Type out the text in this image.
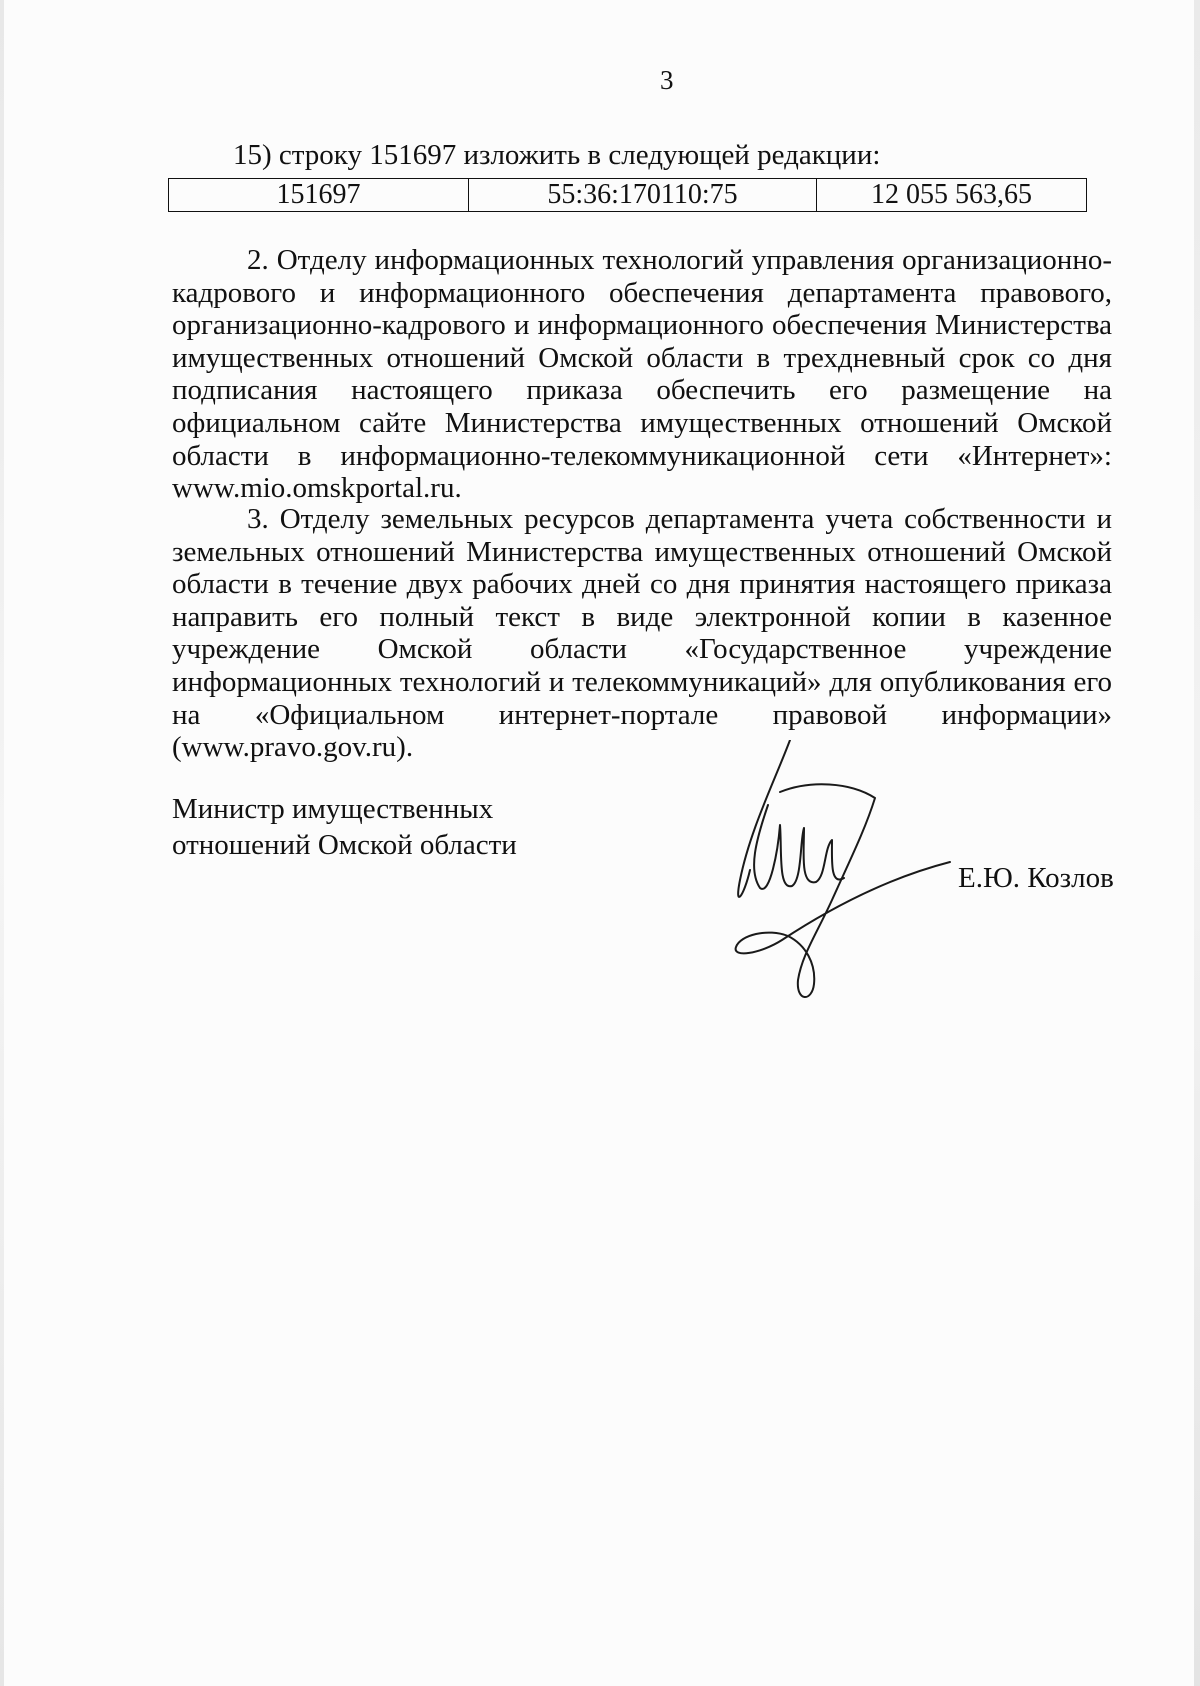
3
15) строку 151697 изложить в следующей редакции:
151697	55:36:170110:75	12 055 563,65

2. Отделу информационных технологий управления организационно-кадрового и информационного обеспечения департамента правового, организационно-кадрового и информационного обеспечения Министерства имущественных отношений Омской области в трехдневный срок со дня подписания настоящего приказа обеспечить его размещение на официальном сайте Министерства имущественных отношений Омской области в информационно-телекоммуникационной сети «Интернет»: www.mio.omskportal.ru.

3. Отделу земельных ресурсов департамента учета собственности и земельных отношений Министерства имущественных отношений Омской области в течение двух рабочих дней со дня принятия настоящего приказа направить его полный текст в виде электронной копии в казенное учреждение Омской области «Государственное учреждение информационных технологий и телекоммуникаций» для опубликования его на «Официальном интернет-портале правовой информации» (www.pravo.gov.ru).

Министр имущественных
отношений Омской области
Е.Ю. Козлов
